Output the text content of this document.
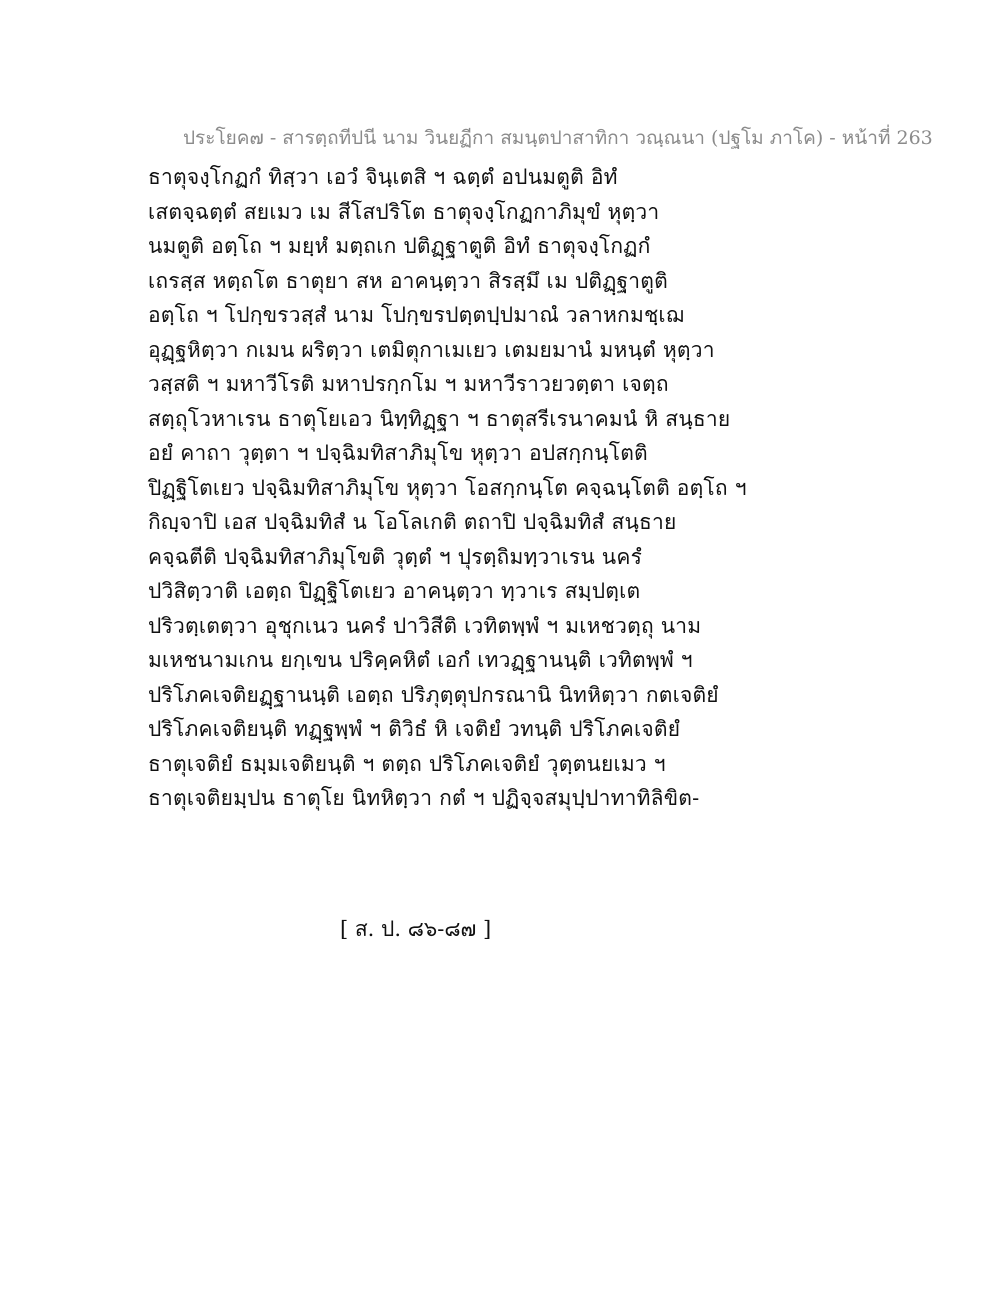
ประโยค๗ - สารตฺถทีปนี นาม วินยฏีกา สมนฺตปาสาทิกา วณฺณนา (ปฐโม ภาโค) - หน้าที่ 263
ธาตุจงฺโกฏกํ ทิสฺวา เอวํ จินฺเตสิ ฯ ฉตฺตํ อปนมตูติ อิทํ
เสตจฺฉตฺตํ สยเมว เม สีโสปริโต ธาตุจงฺโกฏกาภิมุขํ หุตฺวา
นมตูติ อตฺโถ ฯ มยฺหํ มตฺถเก ปติฏฺฐาตูติ อิทํ ธาตุจงฺโกฏกํ
เถรสฺส หตฺถโต ธาตุยา สห อาคนฺตฺวา สิรสฺมึ เม ปติฏฺฐาตูติ
อตฺโถ ฯ โปกฺขรวสฺสํ นาม โปกฺขรปตฺตปฺปมาณํ วลาหกมชฺเฌ
อุฏฺฐหิตฺวา กเมน ผริตฺวา เตมิตุกาเมเยว เตมยมานํ มหนฺตํ หุตฺวา
วสฺสติ ฯ มหาวีโรติ มหาปรกฺกโม ฯ มหาวีราวยวตฺตา เจตฺถ
สตฺถุโวหาเรน ธาตุโยเอว นิทฺทิฏฺฐา ฯ ธาตุสรีเรนาคมนํ หิ สนฺธาย
อยํ คาถา วุตฺตา ฯ ปจฺฉิมทิสาภิมุโข หุตฺวา อปสกฺกนฺโตติ
ปิฏฺฐิโตเยว ปจฺฉิมทิสาภิมุโข หุตฺวา โอสกฺกนฺโต คจฺฉนฺโตติ อตฺโถ ฯ
กิญฺจาปิ เอส ปจฺฉิมทิสํ น โอโลเกติ ตถาปิ ปจฺฉิมทิสํ สนฺธาย
คจฺฉตีติ ปจฺฉิมทิสาภิมุโขติ วุตฺตํ ฯ ปุรตฺถิมทฺวาเรน นครํ
ปวิสิตฺวาติ เอตฺถ ปิฏฺฐิโตเยว อาคนฺตฺวา ทฺวาเร สมฺปตฺเต
ปริวตฺเตตฺวา อุชุกเนว นครํ ปาวิสีติ เวทิตพฺพํ ฯ มเหชวตฺถุ นาม
มเหชนามเกน ยกฺเขน ปริคฺคหิตํ เอกํ เทวฏฺฐานนฺติ เวทิตพฺพํ ฯ
ปริโภคเจติยฏฺฐานนฺติ เอตฺถ ปริภุตฺตุปกรณานิ นิทหิตฺวา กตเจติยํ
ปริโภคเจติยนฺติ ทฏฺฐพฺพํ ฯ ติวิธํ หิ เจติยํ วทนฺติ ปริโภคเจติยํ
ธาตุเจติยํ ธมฺมเจติยนฺติ ฯ ตตฺถ ปริโภคเจติยํ วุตฺตนยเมว ฯ
ธาตุเจติยมฺปน ธาตุโย นิทหิตฺวา กตํ ฯ ปฏิจฺจสมุปฺปาทาทิลิขิต-
[ ส. ป. ๘๖-๘๗ ]
